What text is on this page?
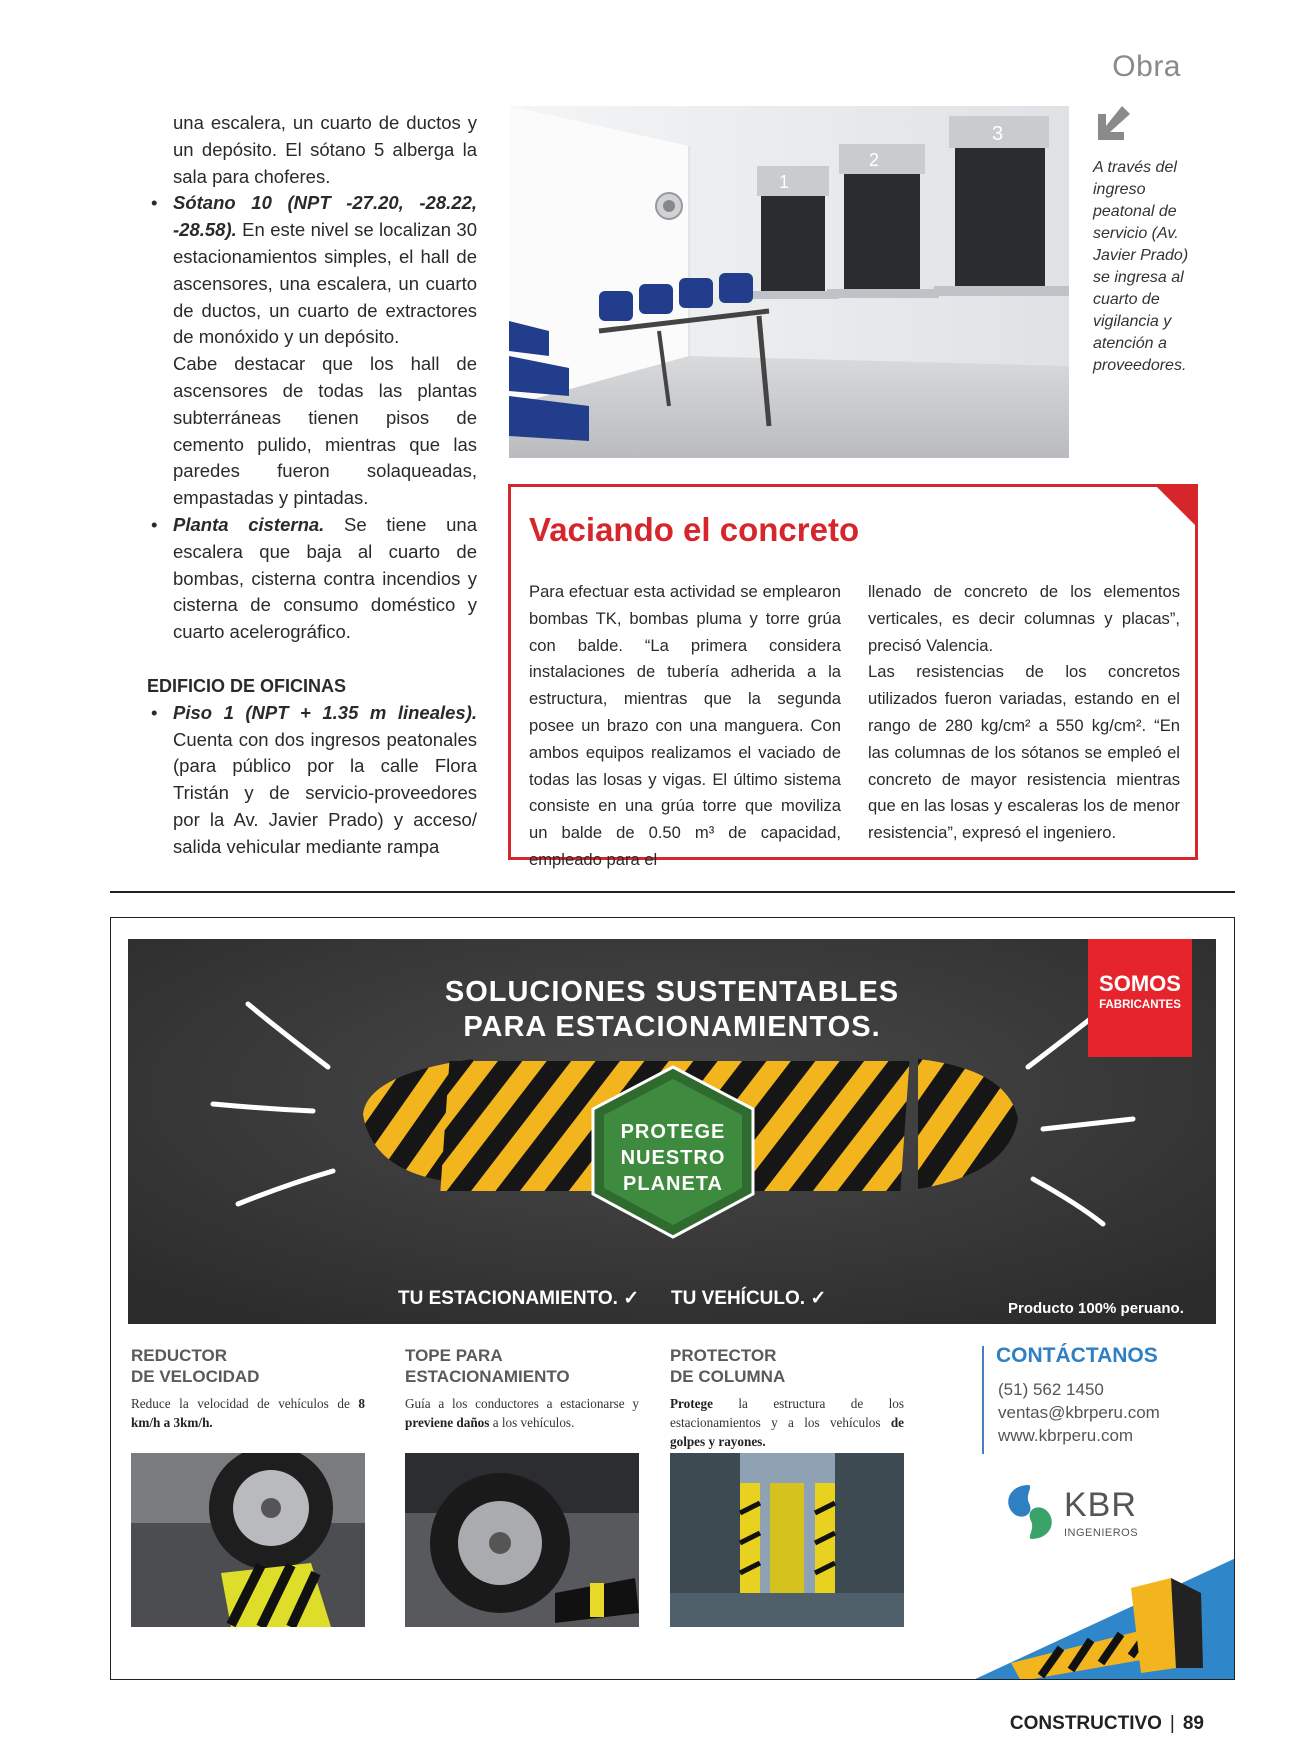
Obra

una escalera, un cuarto de ductos y un depósito. El sótano 5 alberga la sala para choferes.

• Sótano 10 (NPT -27.20, -28.22, -28.58). En este nivel se localizan 30 estacionamientos simples, el hall de ascensores, una escalera, un cuarto de ductos, un cuarto de extractores de monóxido y un depósito.

Cabe destacar que los hall de ascensores de todas las plantas subterráneas tienen pisos de cemento pulido, mientras que las paredes fueron solaqueadas, empastadas y pintadas.

• Planta cisterna. Se tiene una escalera que baja al cuarto de bombas, cisterna contra incendios y cisterna de consumo doméstico y cuarto acelerográfico.

EDIFICIO DE OFICINAS

• Piso 1 (NPT + 1.35 m lineales). Cuenta con dos ingresos peatonales (para público por la calle Flora Tristán y de servicio-proveedores por la Av. Javier Prado) y acceso/ salida vehicular mediante rampa

1
2
3
A través del ingreso peatonal de servicio (Av. Javier Prado) se ingresa al cuarto de vigilancia y atención a proveedores.
Vaciando el concreto

Para efectuar esta actividad se emplearon bombas TK, bombas pluma y torre grúa con balde. “La primera considera instalaciones de tubería adherida a la estructura, mientras que la segunda posee un brazo con una manguera. Con ambos equipos realizamos el vaciado de todas las losas y vigas. El último sistema consiste en una grúa torre que moviliza un balde de 0.50 m³ de capacidad, empleado para el

llenado de concreto de los elementos verticales, es decir columnas y placas”, precisó Valencia.

Las resistencias de los concretos utilizados fueron variadas, estando en el rango de 280 kg/cm² a 550 kg/cm². “En las columnas de los sótanos se empleó el concreto de mayor resistencia mientras que en las losas y escaleras los de menor resistencia”, expresó el ingeniero.

SOLUCIONES SUSTENTABLES
PARA ESTACIONAMIENTOS.
SOMOS
FABRICANTES
PROTEGE
NUESTRO
PLANETA
TU ESTACIONAMIENTO. ✓ TU VEHÍCULO. ✓	Producto 100% peruano.
REDUCTOR
DE VELOCIDAD
Reduce la velocidad de vehículos de 8 km/h a 3km/h.
TOPE PARA
ESTACIONAMIENTO
Guía a los conductores a estacionarse y previene daños a los vehículos.
PROTECTOR
DE COLUMNA
Protege la estructura de los estacionamientos y a los vehículos de golpes y rayones.
CONTÁCTANOS
(51) 562 1450
ventas@kbrperu.com
www.kbrperu.com
KBR
INGENIEROS
CONSTRUCTIVO | 89
